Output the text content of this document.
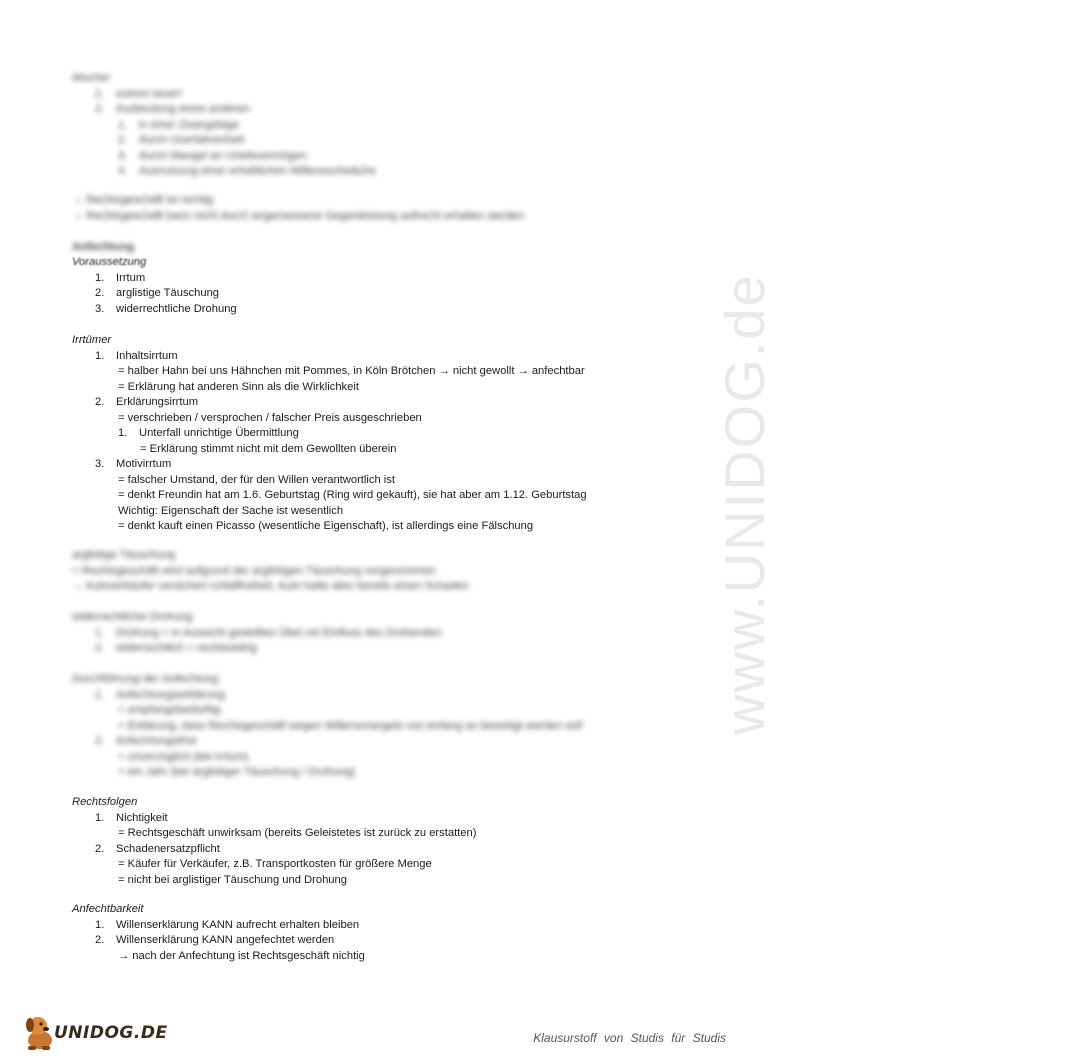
www.UNIDOG.de
Wucher
1. extrem teuer!
2. Ausbeutung eines anderen
1. in einer Zwangslage
2. durch Unerfahrenheit
3. durch Mangel an Urteilsvermögen
4. Ausnutzung einer erheblichen Willensschwäche
→ Rechtsgeschäft ist nichtig
→ Rechtsgeschäft kann nicht durch angemessene Gegenleistung aufrecht erhalten werden
Anfechtung
Voraussetzung
1. Irrtum
2. arglistige Täuschung
3. widerrechtliche Drohung
Irrtümer
1. Inhaltsirrtum
= halber Hahn bei uns Hähnchen mit Pommes, in Köln Brötchen → nicht gewollt → anfechtbar
= Erklärung hat anderen Sinn als die Wirklichkeit
2. Erklärungsirrtum
= verschrieben / versprochen / falscher Preis ausgeschrieben
1. Unterfall unrichtige Übermittlung
= Erklärung stimmt nicht mit dem Gewollten überein
3. Motivirrtum
= falscher Umstand, der für den Willen verantwortlich ist
= denkt Freundin hat am 1.6. Geburtstag (Ring wird gekauft), sie hat aber am 1.12. Geburtstag
Wichtig: Eigenschaft der Sache ist wesentlich
= denkt kauft einen Picasso (wesentliche Eigenschaft), ist allerdings eine Fälschung
arglistige Täuschung
= Rechtsgeschäft wird aufgrund der arglistigen Täuschung vorgenommen
→ Autoverkäufer versichert Unfallfreiheit, Auto hatte aber bereits einen Schaden
widerrechtliche Drohung
1. Drohung = in Aussicht gestelltes Übel mit Einfluss des Drohenden
2. widerrechtlich = rechtswidrig
Durchführung der Anfechtung
1. Anfechtungserklärung
= empfangsbedürftig
= Erklärung, dass Rechtsgeschäft wegen Willensmangels von Anfang an beseitigt werden soll
2. Anfechtungsfrist
= unverzüglich (bei Irrtum)
= ein Jahr (bei arglistiger Täuschung / Drohung)
Rechtsfolgen
1. Nichtigkeit
= Rechtsgeschäft unwirksam (bereits Geleistetes ist zurück zu erstatten)
2. Schadenersatzpflicht
= Käufer für Verkäufer, z.B. Transportkosten für größere Menge
= nicht bei arglistiger Täuschung und Drohung
Anfechtbarkeit
1. Willenserklärung KANN aufrecht erhalten bleiben
2. Willenserklärung KANN angefechtet werden
→ nach der Anfechtung ist Rechtsgeschäft nichtig
UNIDOG.DE	Klausurstoff von Studis für Studis
